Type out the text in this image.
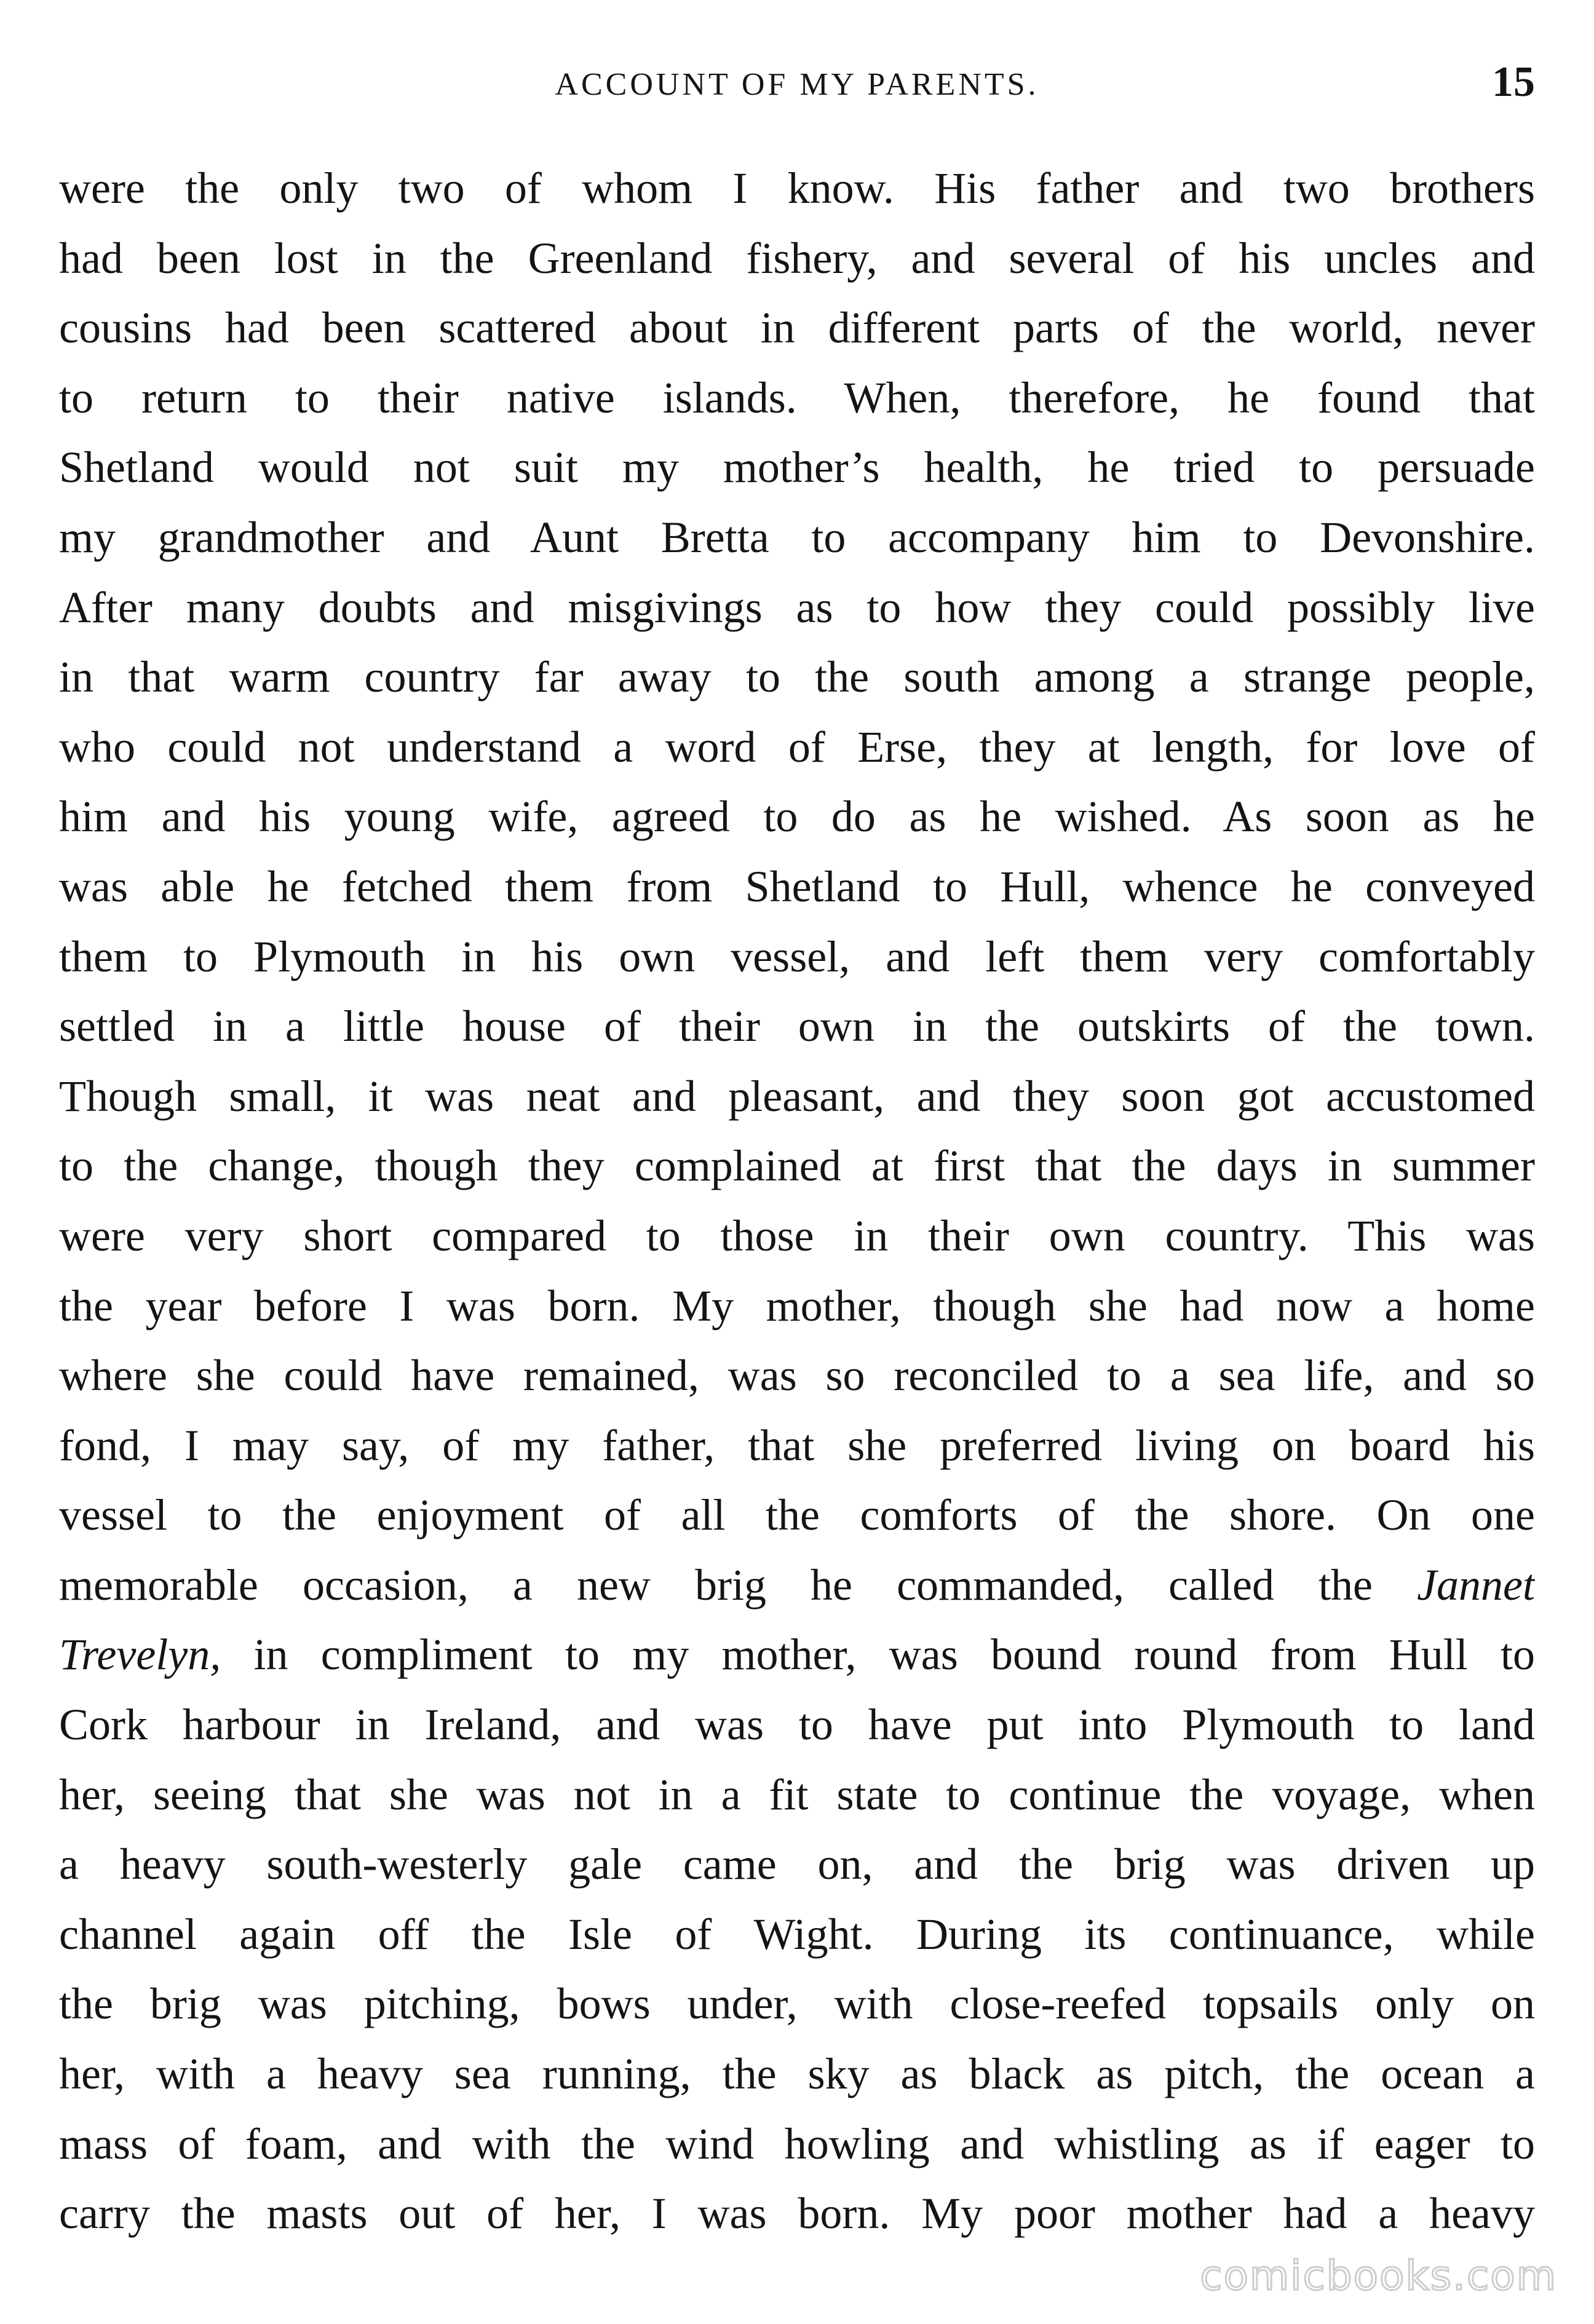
ACCOUNT OF MY PARENTS.	15
were the only two of whom I know. His father and two brothers
had been lost in the Greenland fishery, and several of his uncles and
cousins had been scattered about in different parts of the world, never
to return to their native islands. When, therefore, he found that
Shetland would not suit my mother’s health, he tried to persuade
my grandmother and Aunt Bretta to accompany him to Devonshire.
After many doubts and misgivings as to how they could possibly live
in that warm country far away to the south among a strange people,
who could not understand a word of Erse, they at length, for love of
him and his young wife, agreed to do as he wished. As soon as he
was able he fetched them from Shetland to Hull, whence he conveyed
them to Plymouth in his own vessel, and left them very comfortably
settled in a little house of their own in the outskirts of the town.
Though small, it was neat and pleasant, and they soon got accustomed
to the change, though they complained at first that the days in summer
were very short compared to those in their own country. This was
the year before I was born. My mother, though she had now a home
where she could have remained, was so reconciled to a sea life, and so
fond, I may say, of my father, that she preferred living on board his
vessel to the enjoyment of all the comforts of the shore. On one
memorable occasion, a new brig he commanded, called the Jannet
Trevelyn, in compliment to my mother, was bound round from Hull to
Cork harbour in Ireland, and was to have put into Plymouth to land
her, seeing that she was not in a fit state to continue the voyage, when
a heavy south-westerly gale came on, and the brig was driven up
channel again off the Isle of Wight. During its continuance, while
the brig was pitching, bows under, with close-reefed topsails only on
her, with a heavy sea running, the sky as black as pitch, the ocean a
mass of foam, and with the wind howling and whistling as if eager to
carry the masts out of her, I was born. My poor mother had a heavy
comicbooks.com
